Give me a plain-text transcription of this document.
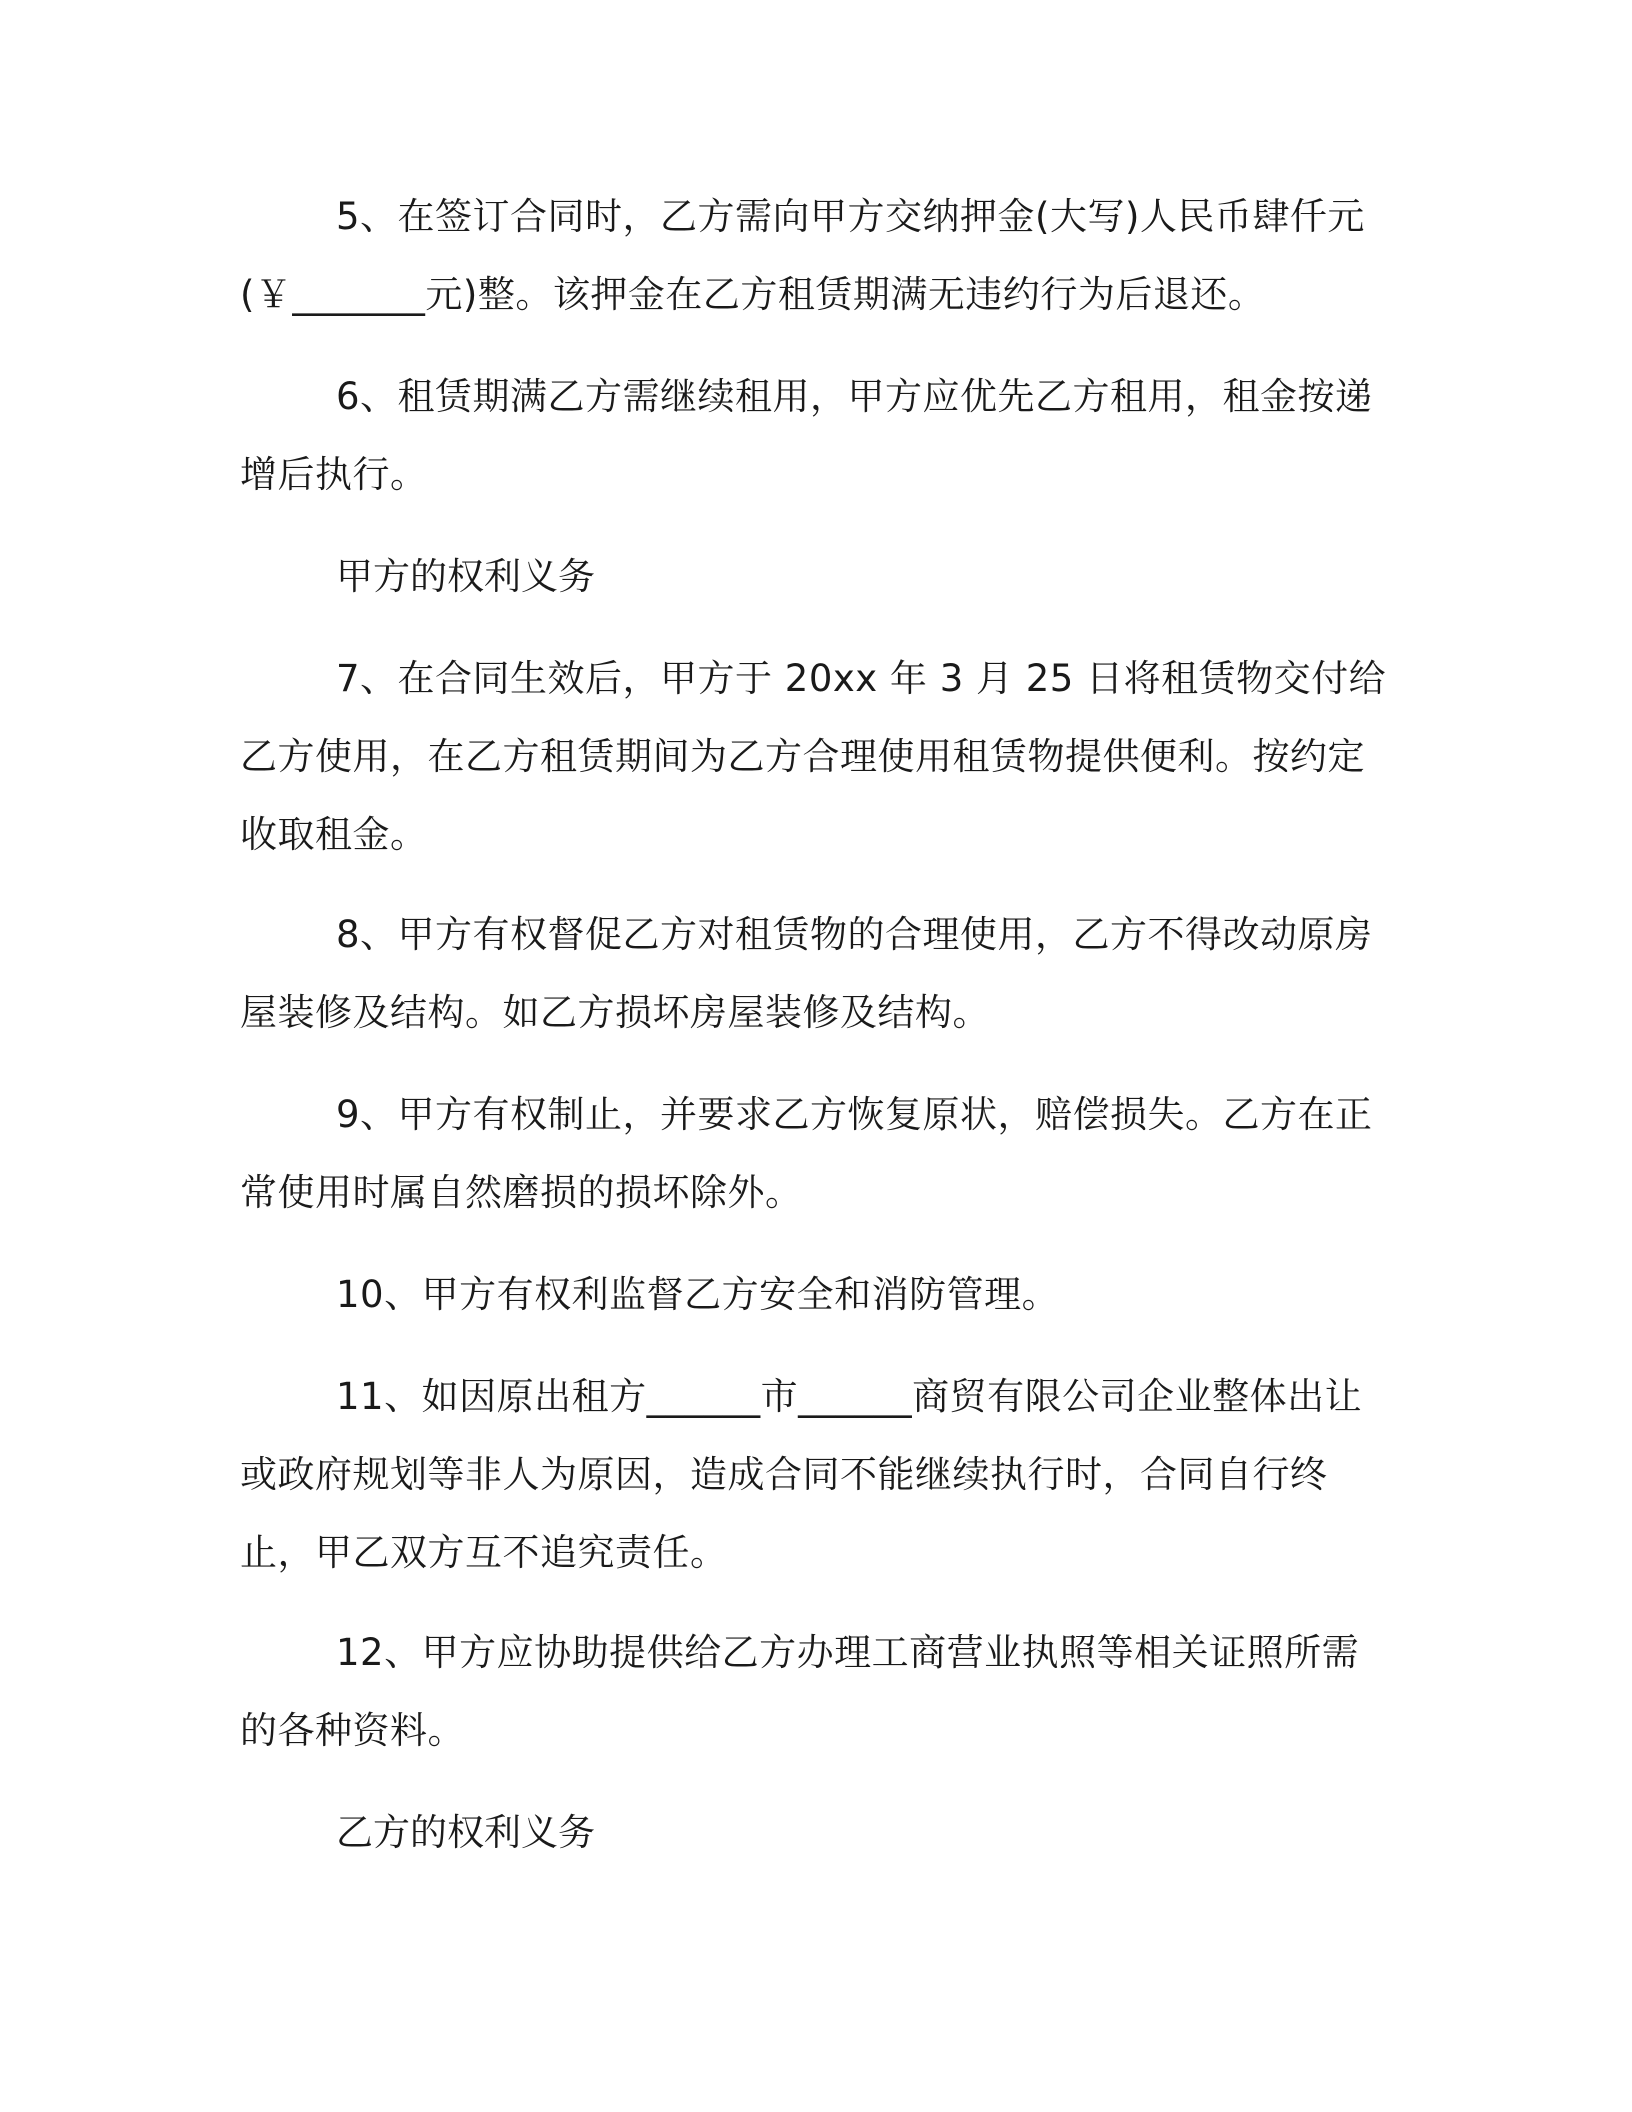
5、在签订合同时，乙方需向甲方交纳押金(大写)人民币肆仟元(￥_______元)整。该押金在乙方租赁期满无违约行为后退还。

6、租赁期满乙方需继续租用，甲方应优先乙方租用，租金按递增后执行。

甲方的权利义务

7、在合同生效后，甲方于 20xx 年 3 月 25 日将租赁物交付给乙方使用，在乙方租赁期间为乙方合理使用租赁物提供便利。按约定收取租金。

8、甲方有权督促乙方对租赁物的合理使用，乙方不得改动原房屋装修及结构。如乙方损坏房屋装修及结构。

9、甲方有权制止，并要求乙方恢复原状，赔偿损失。乙方在正常使用时属自然磨损的损坏除外。

10、甲方有权利监督乙方安全和消防管理。

11、如因原出租方______市______商贸有限公司企业整体出让或政府规划等非人为原因，造成合同不能继续执行时，合同自行终止，甲乙双方互不追究责任。

12、甲方应协助提供给乙方办理工商营业执照等相关证照所需的各种资料。

乙方的权利义务
